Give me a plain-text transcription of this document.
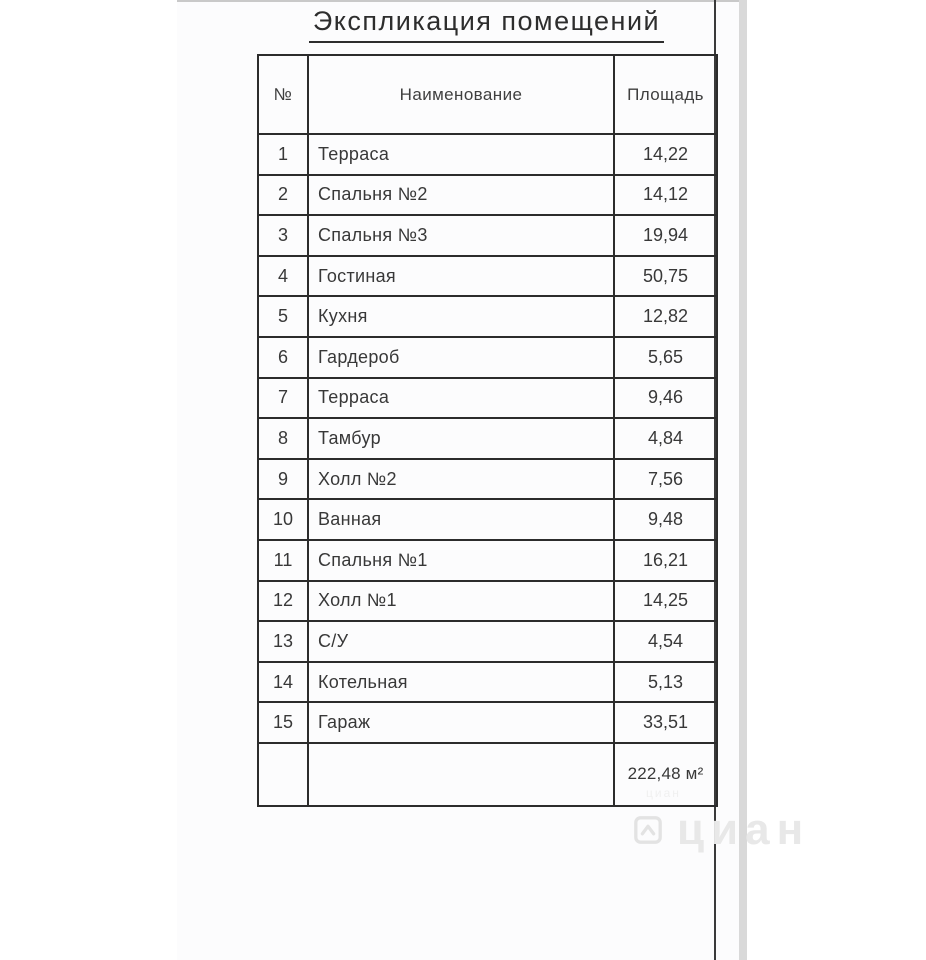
Экспликация помещений
№	Наименование	Площадь
1	Терраса	14,22
2	Спальня №2	14,12
3	Спальня №3	19,94
4	Гостиная	50,75
5	Кухня	12,82
6	Гардероб	5,65
7	Терраса	9,46
8	Тамбур	4,84
9	Холл №2	7,56
10	Ванная	9,48
11	Спальня №1	16,21
12	Холл №1	14,25
13	С/У	4,54
14	Котельная	5,13
15	Гараж	33,51
		222,48 м²
циан
циан
